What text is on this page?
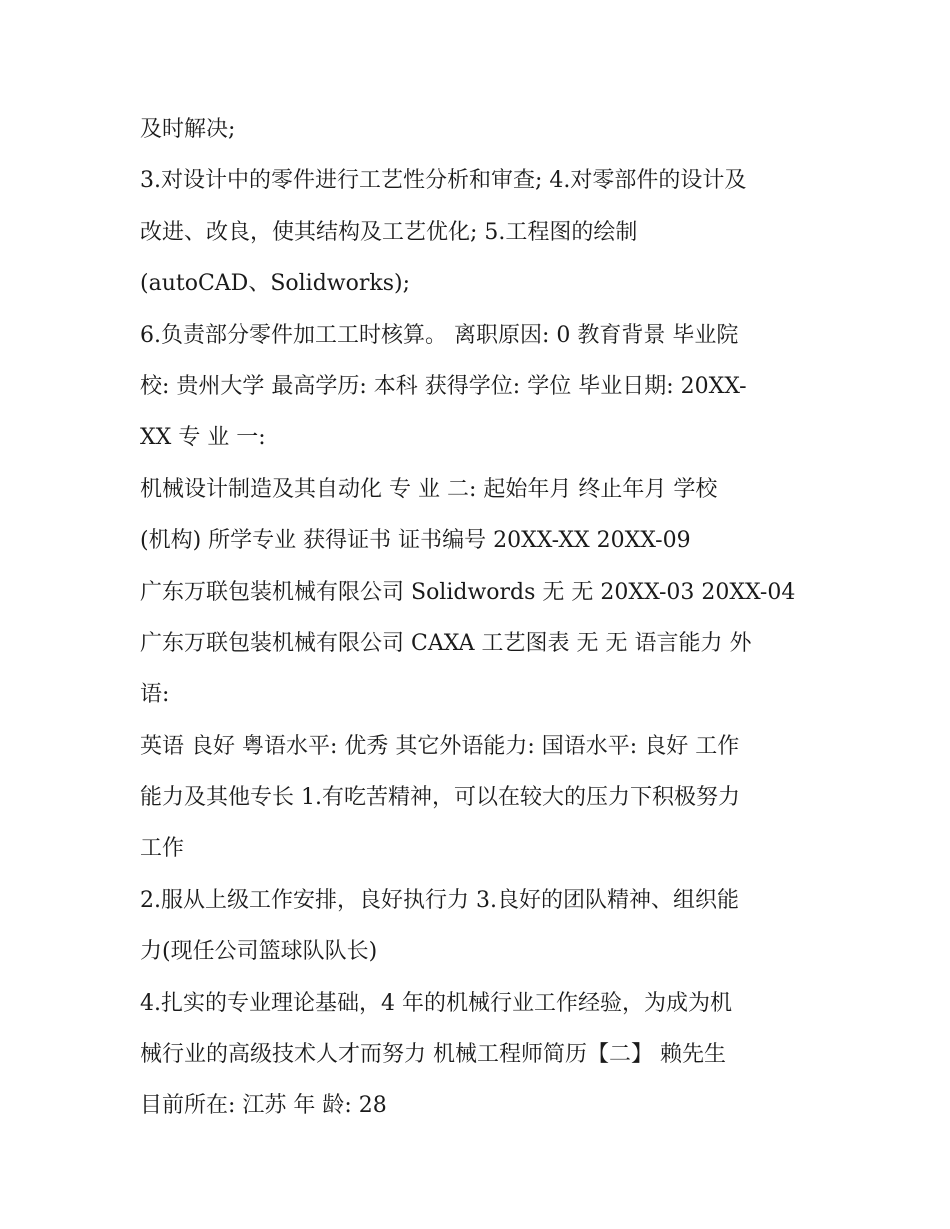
及时解决;
3.对设计中的零件进行工艺性分析和审查; 4.对零部件的设计及
改进、改良，使其结构及工艺优化; 5.工程图的绘制
(autoCAD、Solidworks);
6.负责部分零件加工工时核算。 离职原因: 0 教育背景 毕业院
校: 贵州大学 最高学历: 本科 获得学位: 学位 毕业日期: 20XX-
XX 专 业 一:
机械设计制造及其自动化 专 业 二: 起始年月 终止年月 学校
(机构) 所学专业 获得证书 证书编号 20XX-XX 20XX-09
广东万联包装机械有限公司 Solidwords 无 无 20XX-03 20XX-04
广东万联包装机械有限公司 CAXA 工艺图表 无 无 语言能力 外
语:
英语 良好 粤语水平: 优秀 其它外语能力: 国语水平: 良好 工作
能力及其他专长 1.有吃苦精神，可以在较大的压力下积极努力
工作
2.服从上级工作安排，良好执行力 3.良好的团队精神、组织能
力(现任公司篮球队队长)
4.扎实的专业理论基础，4 年的机械行业工作经验，为成为机
械行业的高级技术人才而努力 机械工程师简历【二】 赖先生
目前所在: 江苏 年 龄: 28
